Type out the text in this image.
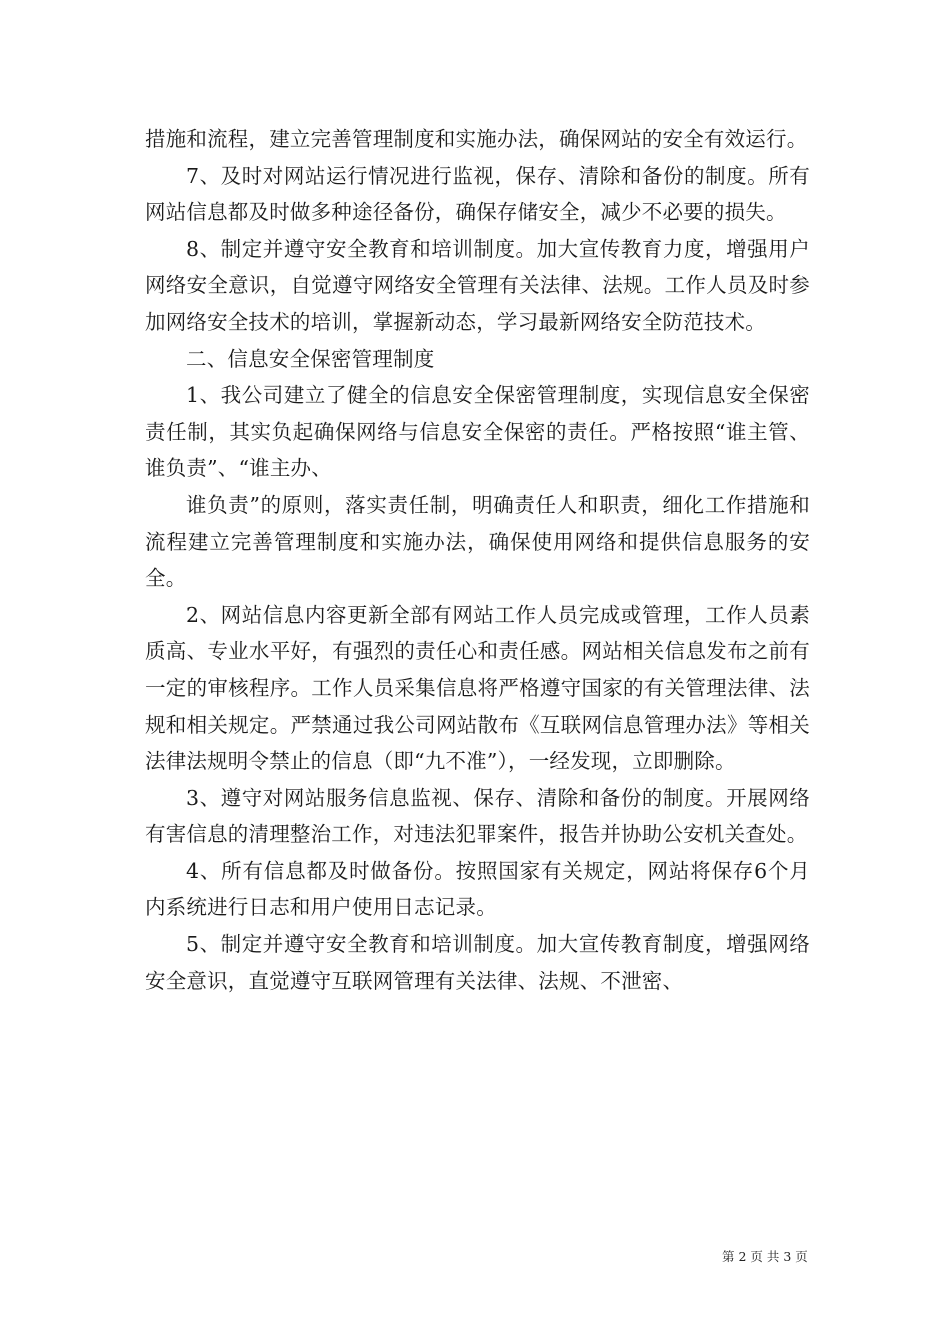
措施和流程，建立完善管理制度和实施办法，确保网站的安全有效运行。

7、及时对网站运行情况进行监视，保存、清除和备份的制度。所有网站信息都及时做多种途径备份，确保存储安全，减少不必要的损失。

8、制定并遵守安全教育和培训制度。加大宣传教育力度，增强用户网络安全意识，自觉遵守网络安全管理有关法律、法规。工作人员及时参加网络安全技术的培训，掌握新动态，学习最新网络安全防范技术。

二、信息安全保密管理制度

1、我公司建立了健全的信息安全保密管理制度，实现信息安全保密责任制，其实负起确保网络与信息安全保密的责任。严格按照“谁主管、谁负责”、“谁主办、

谁负责”的原则，落实责任制，明确责任人和职责，细化工作措施和流程建立完善管理制度和实施办法，确保使用网络和提供信息服务的安全。

2、网站信息内容更新全部有网站工作人员完成或管理，工作人员素质高、专业水平好，有强烈的责任心和责任感。网站相关信息发布之前有一定的审核程序。工作人员采集信息将严格遵守国家的有关管理法律、法规和相关规定。严禁通过我公司网站散布《互联网信息管理办法》等相关法律法规明令禁止的信息（即“九不准”），一经发现，立即删除。

3、遵守对网站服务信息监视、保存、清除和备份的制度。开展网络有害信息的清理整治工作，对违法犯罪案件，报告并协助公安机关查处。

4、所有信息都及时做备份。按照国家有关规定，网站将保存6个月内系统进行日志和用户使用日志记录。

5、制定并遵守安全教育和培训制度。加大宣传教育制度，增强网络安全意识，直觉遵守互联网管理有关法律、法规、不泄密、

第 2 页 共 3 页
